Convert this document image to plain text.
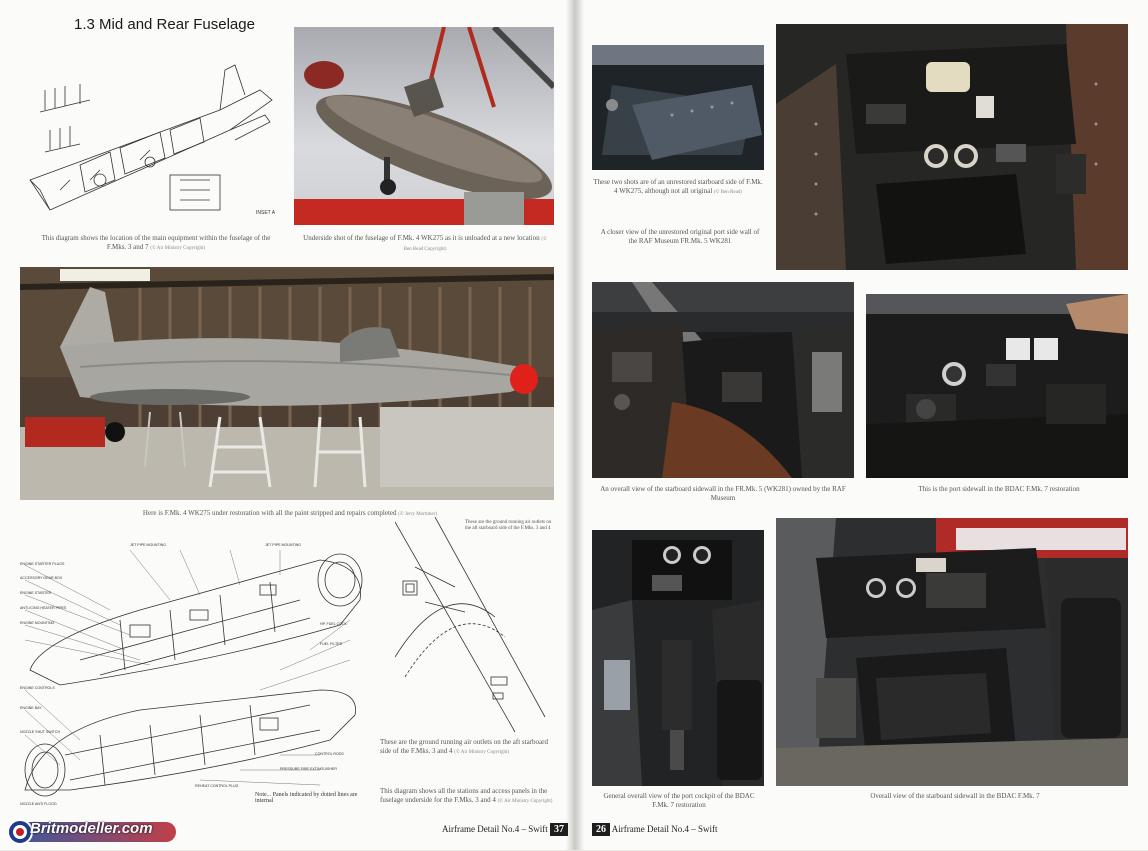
1.3 Mid and Rear Fuselage
INSET A
This diagram shows the location of the main equipment within the fuselage of the F.Mks. 3 and 7 (© Air Ministry Copyright)
Underside shot of the fuselage of F.Mk. 4 WK275 as it is unloaded at a new location (© Ben Read Copyright)
Here is F.Mk. 4 WK275 under restoration with all the paint stripped and repairs completed (© Jerry Mortimer)
ENGINE STARTER PLUGS
ACCESSORY GEAR BOX
ENGINE STARTER
ANTI-ICING HEATER PIPES
ENGINE MOUNTING
ENGINE CONTROLS
ENGINE BAY
NOZZLE SHUT SWITCH
NOZZLE ANTI FLOOD
JET PIPE MOUNTING	JET PIPE MOUNTING
HP. FUEL COCK
FUEL FILTER
CONTROL RODS
PRESSURE FIRE EXTINGUISHER
REHEAT CONTROL PLUG
Note... Panels indicated by dotted lines are internal
These are the ground running air outlets on the aft starboard side of the F.Mks. 3 and 4
These are the ground running air outlets on the aft starboard side of the F.Mks. 3 and 4 (© Air Ministry Copyright)
This diagram shows all the stations and access panels in the fuselage underside for the F.Mks. 3 and 4 (© Air Ministry Copyright)
Airframe Detail No.4 – Swift 37
Britmodeller.com
These two shots are of an unrestored starboard side of F.Mk. 4 WK275, although not all original (© Ben Read)
A closer view of the unrestored original port side wall of the RAF Museum FR.Mk. 5 WK281
An overall view of the starboard sidewall in the FR.Mk. 5 (WK281) owned by the RAF Museum
This is the port sidewall in the BDAC F.Mk. 7 restoration
General overall view of the port cockpit of the BDAC F.Mk. 7 restoration
Overall view of the starboard sidewall in the BDAC F.Mk. 7
26 Airframe Detail No.4 – Swift
